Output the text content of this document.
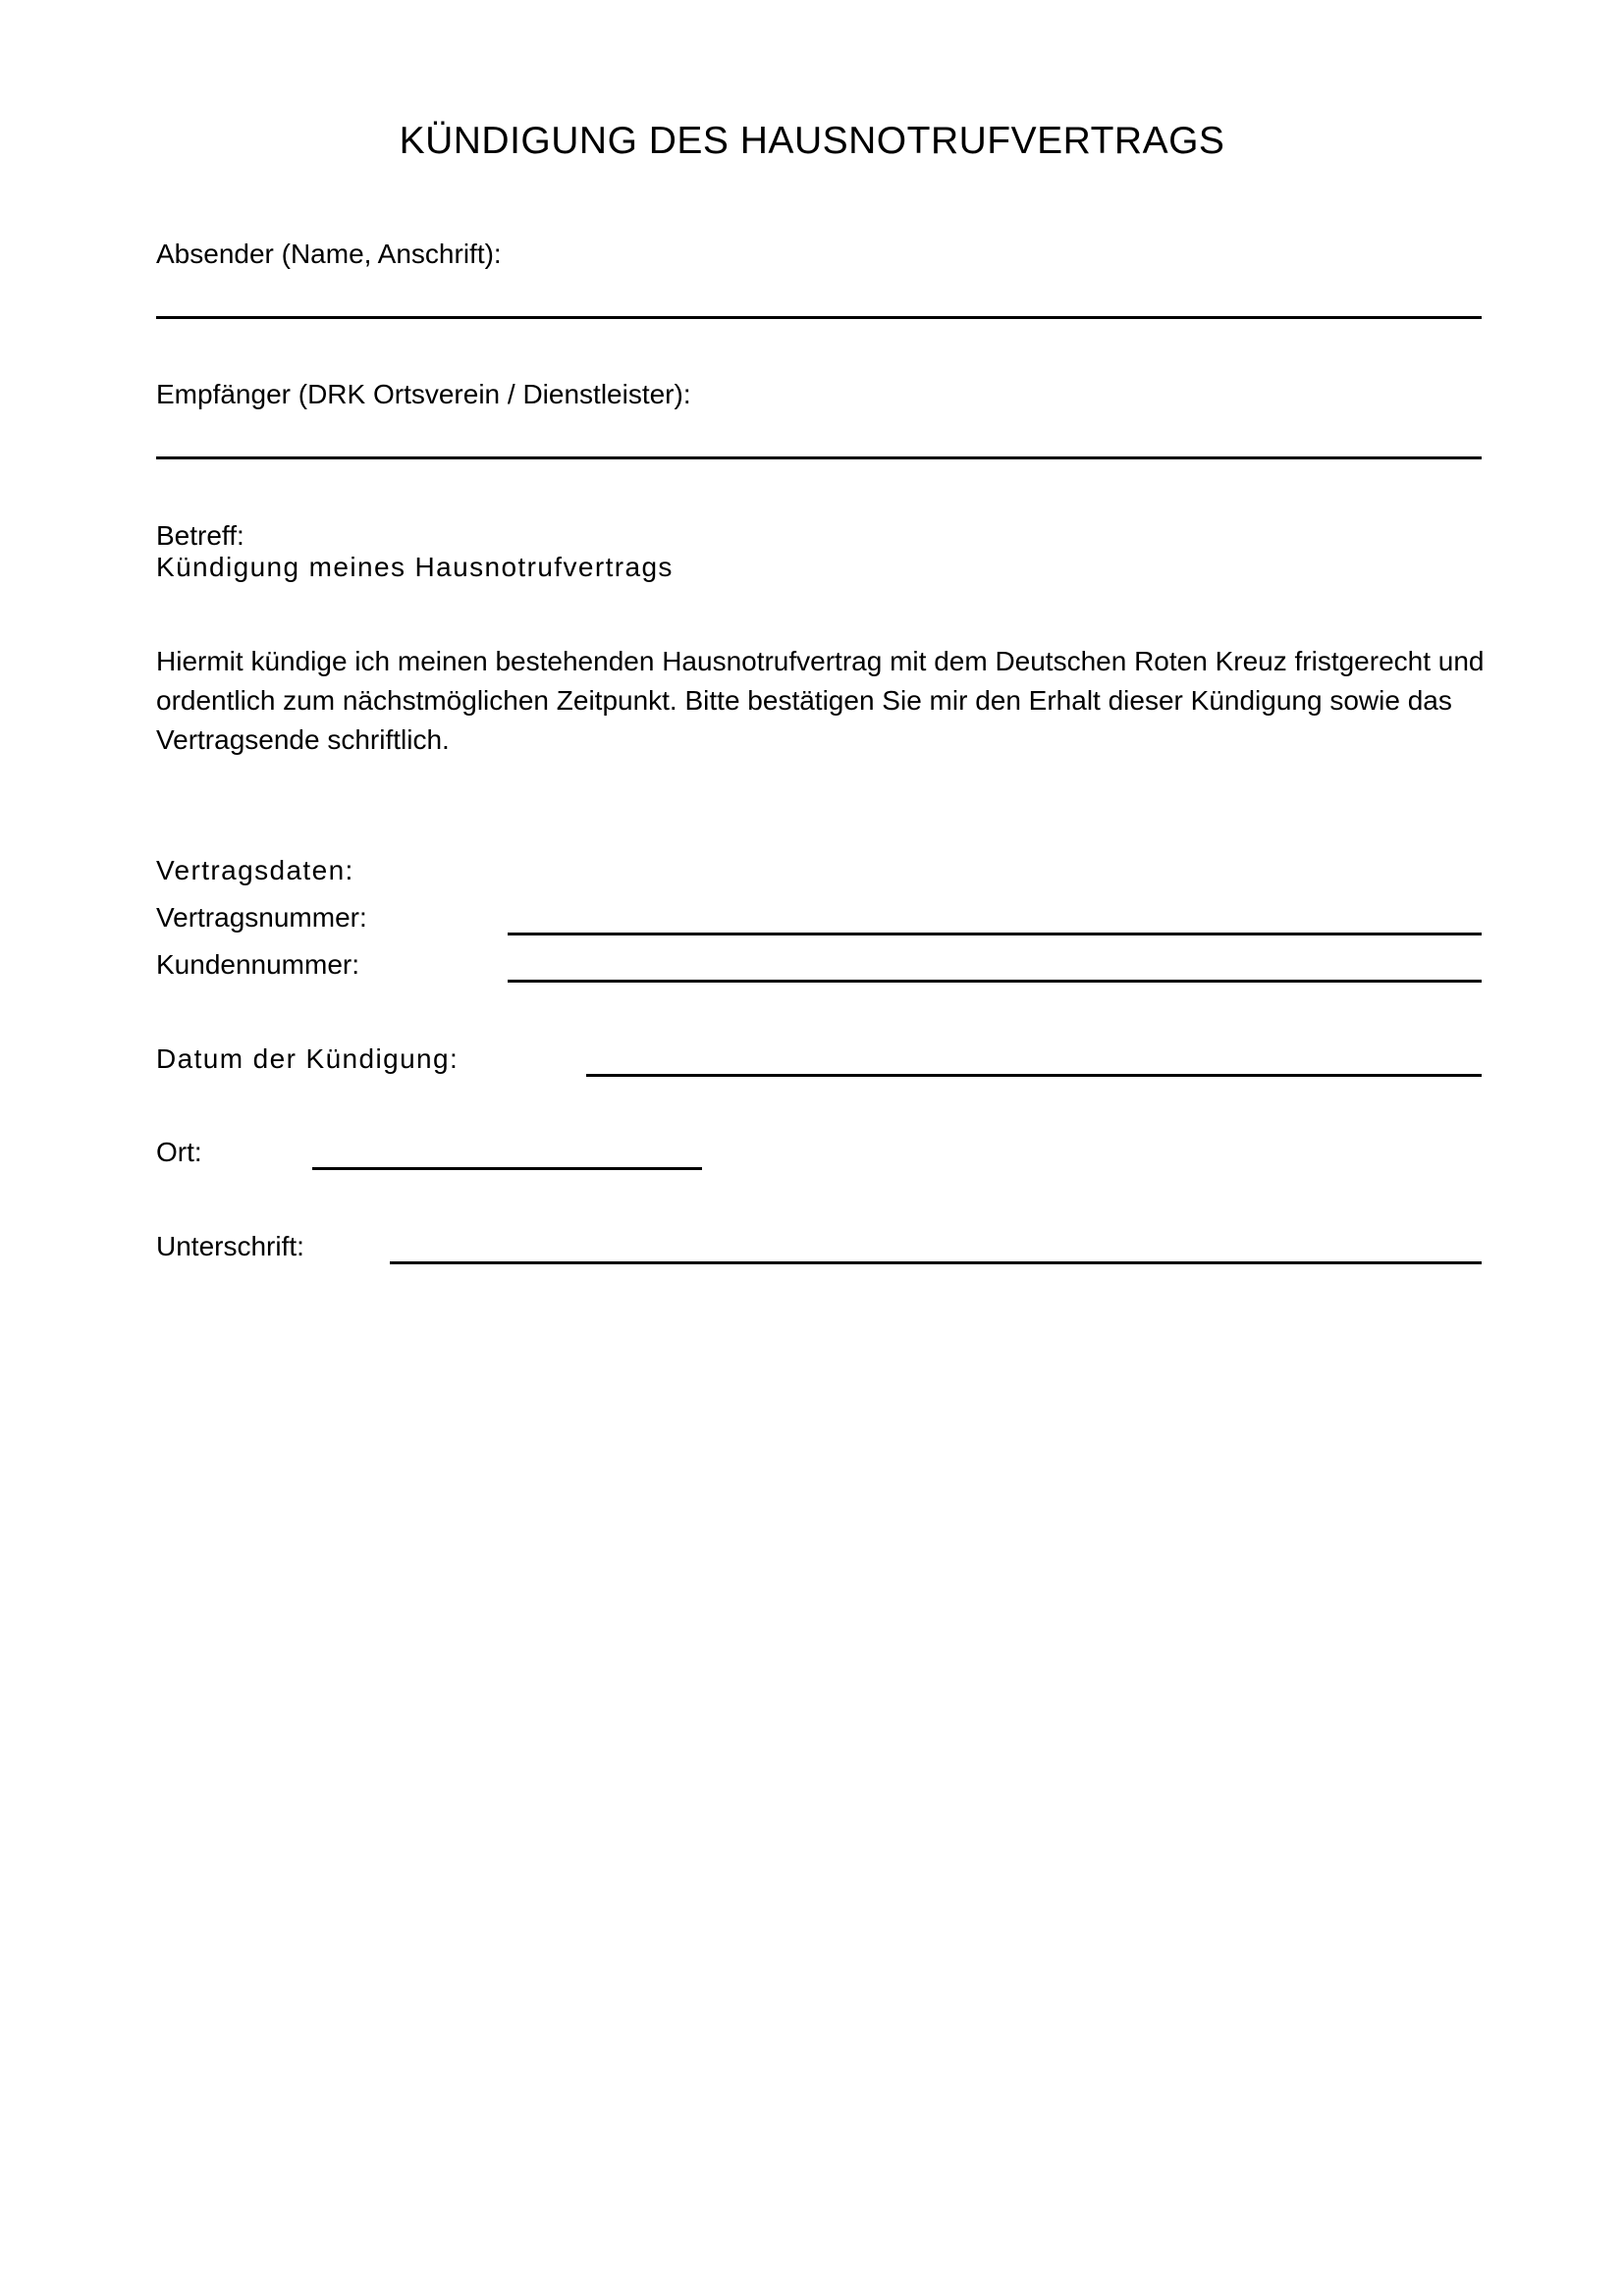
KÜNDIGUNG DES HAUSNOTRUFVERTRAGS
Absender (Name, Anschrift):
Empfänger (DRK Ortsverein / Dienstleister):
Betreff:
Kündigung meines Hausnotrufvertrags
Hiermit kündige ich meinen bestehenden Hausnotrufvertrag mit dem Deutschen Roten Kreuz fristgerecht und ordentlich zum nächstmöglichen Zeitpunkt. Bitte bestätigen Sie mir den Erhalt dieser Kündigung sowie das Vertragsende schriftlich.
Vertragsdaten:
Vertragsnummer:
Kundennummer:
Datum der Kündigung:
Ort:
Unterschrift:
